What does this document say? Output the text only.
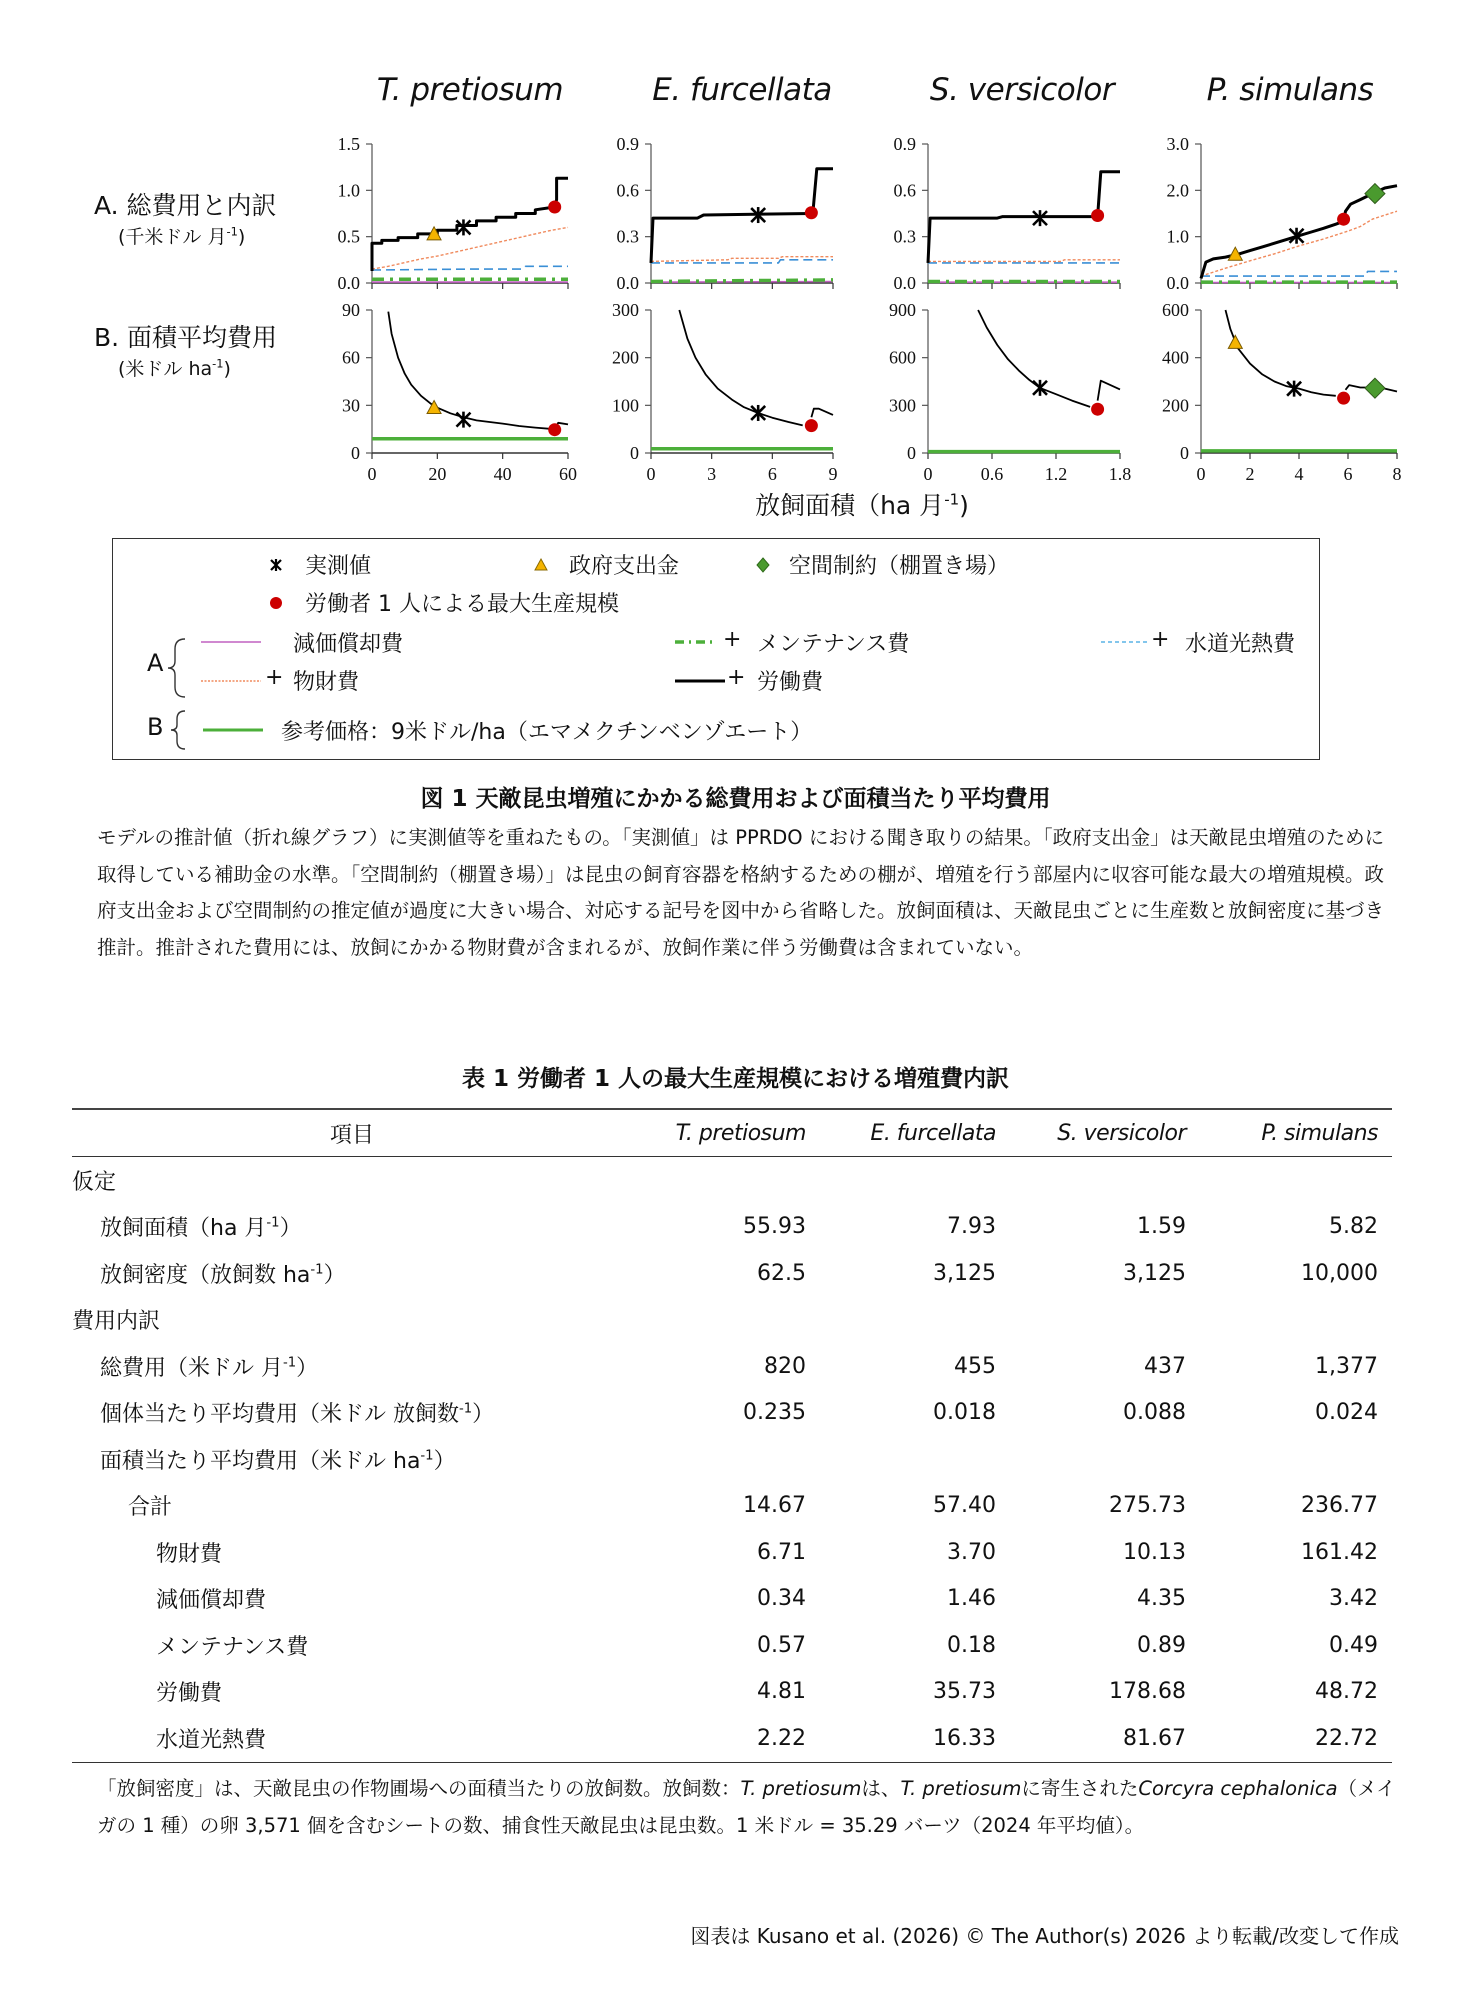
T. pretiosum	E. furcellata	S. versicolor	P. simulans
A. 総費用と内訳
(千米ドル 月$^{-1}$)
B. 面積平均費用
(米ドル $ha^{-1}$)
0.0
0.5
1.0
1.5
0.0
0.3
0.6
0.9
0.0
0.3
0.6
0.9
0.0
1.0
2.0
3.0
0
30
60
90
0	20	40	60
0
100
200
300
0	3	6	9
0
300
600
900
0	0.6 1.2 1.8
0
200
400
600
0 2 4 6 8
放飼面積（ha 月$^{-1}$)
実測値	政府支出金	空間制約（棚置き場）
労働者 1 人による最大生産規模
A
B
減価償却費
+ 物財費
+ メンテナンス費
+ 労働費
+ 水道光熱費
参考価格：9米ドル/ha（エマメクチンベンゾエート）
図 1 天敵昆虫増殖にかかる総費用および面積当たり平均費用
モデルの推計値（折れ線グラフ）に実測値等を重ねたもの。「実測値」は PPRDO における聞き取りの結果。「政府支出金」は天敵昆虫増殖のために取得している補助金の水準。「空間制約（棚置き場）」は昆虫の飼育容器を格納するための棚が、増殖を行う部屋内に収容可能な最大の増殖規模。政府支出金および空間制約の推定値が過度に大きい場合、対応する記号を図中から省略した。放飼面積は、天敵昆虫ごとに生産数と放飼密度に基づき推計。推計された費用には、放飼にかかる物財費が含まれるが、放飼作業に伴う労働費は含まれていない。
表 1 労働者 1 人の最大生産規模における増殖費内訳
項目	T. pretiosum	E. furcellata	S. versicolor	P. simulans
仮定				
放飼面積（ha 月$^{-1}$）	55.93	7.93	1.59	5.82
放飼密度（放飼数 $ha^{-1}$）	62.5	3,125	3,125	10,000
費用内訳				
総費用（米ドル 月$^{-1}$）	820	455	437	1,377
個体当たり平均費用（米ドル 放飼数$^{-1}$）	0.235	0.018	0.088	0.024
面積当たり平均費用（米ドル $ha^{-1}$）				
合計	14.67	57.40	275.73	236.77
物財費	6.71	3.70	10.13	161.42
減価償却費	0.34	1.46	4.35	3.42
メンテナンス費	0.57	0.18	0.89	0.49
労働費	4.81	35.73	178.68	48.72
水道光熱費	2.22	16.33	81.67	22.72
「放飼密度」は、天敵昆虫の作物圃場への面積当たりの放飼数。放飼数：T. pretiosumは、T. pretiosumに寄生されたCorcyra cephalonica（メイガの 1 種）の卵 3,571 個を含むシートの数、捕食性天敵昆虫は昆虫数。1 米ドル = 35.29 バーツ（2024 年平均値）。
図表は Kusano et al. (2026) © The Author(s) 2026 より転載/改変して作成
